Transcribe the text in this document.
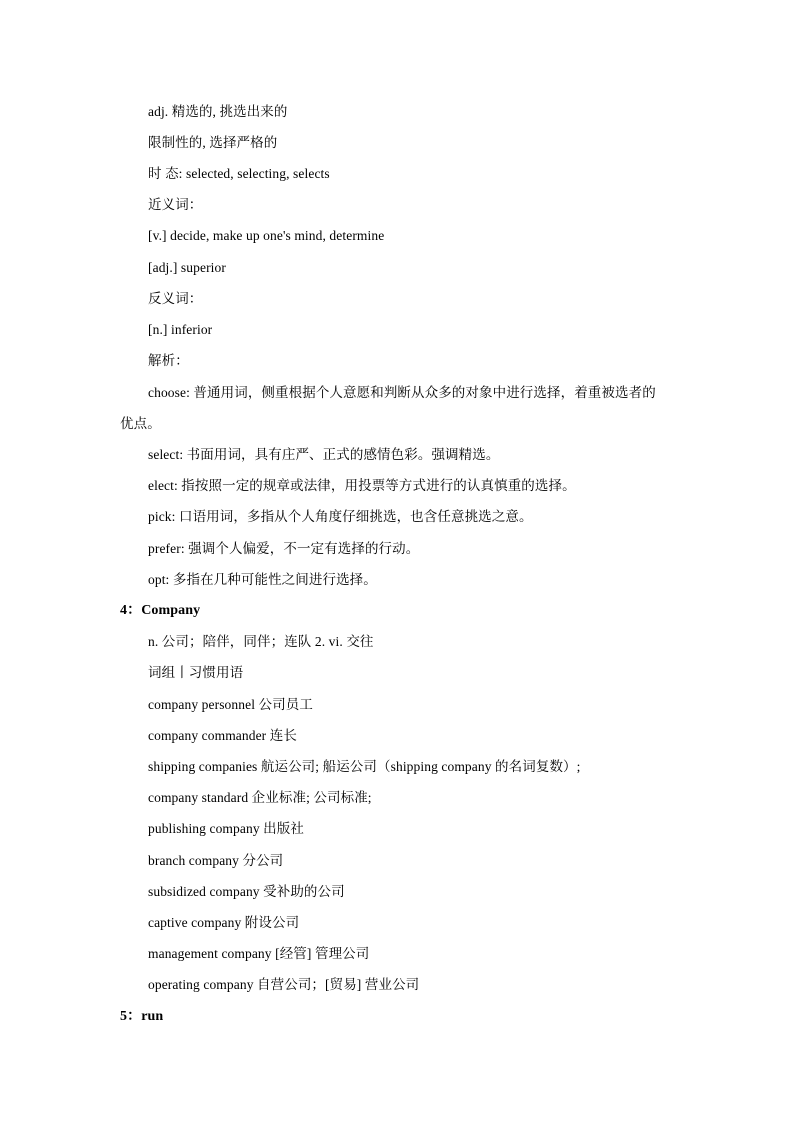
adj. 精选的, 挑选出来的
限制性的, 选择严格的
时 态: selected, selecting, selects
近义词：
[v.] decide, make up one's mind, determine
[adj.] superior
反义词：
[n.] inferior
解析：
choose: 普通用词，侧重根据个人意愿和判断从众多的对象中进行选择，着重被选者的
优点。
select: 书面用词，具有庄严、正式的感情色彩。强调精选。
elect: 指按照一定的规章或法律，用投票等方式进行的认真慎重的选择。
pick: 口语用词，多指从个人角度仔细挑选，也含任意挑选之意。
prefer: 强调个人偏爱，不一定有选择的行动。
opt: 多指在几种可能性之间进行选择。
4：Company
n. 公司；陪伴，同伴；连队 2. vi. 交往
词组丨习惯用语
company personnel 公司员工
company commander 连长
shipping companies 航运公司; 船运公司（shipping company 的名词复数）;
company standard 企业标准; 公司标准;
publishing company 出版社
branch company 分公司
subsidized company 受补助的公司
captive company 附设公司
management company [经管] 管理公司
operating company 自营公司；[贸易] 营业公司
5：run
